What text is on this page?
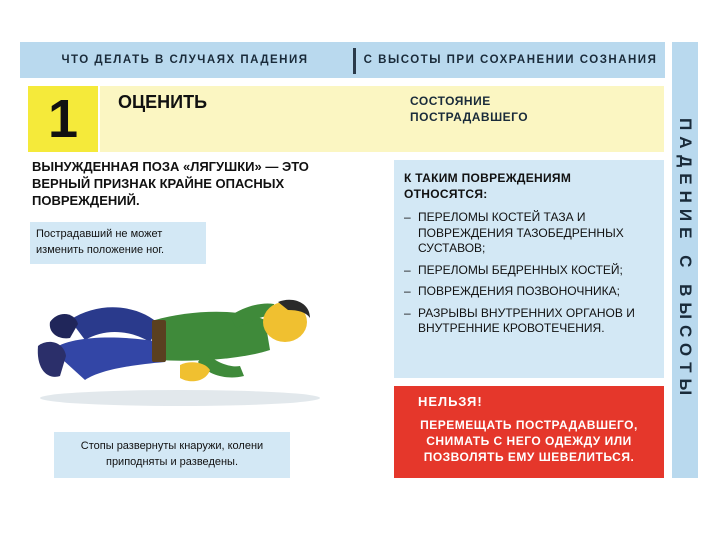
ЧТО ДЕЛАТЬ В СЛУЧАЯХ ПАДЕНИЯ	С ВЫСОТЫ ПРИ СОХРАНЕНИИ СОЗНАНИЯ
ПАДЕНИЕ С ВЫСОТЫ
1	ОЦЕНИТЬ	СОСТОЯНИЕ ПОСТРАДАВШЕГО
ВЫНУЖДЕННАЯ ПОЗА «ЛЯГУШКИ» — ЭТО ВЕРНЫЙ ПРИЗНАК КРАЙНЕ ОПАСНЫХ ПОВРЕЖДЕНИЙ.
Пострадавший не может изменить положение ног.
Стопы развернуты кнаружи, колени приподняты и разведены.
К ТАКИМ ПОВРЕЖДЕНИЯМ ОТНОСЯТСЯ:
– ПЕРЕЛОМЫ КОСТЕЙ ТАЗА И ПОВРЕЖДЕНИЯ ТАЗОБЕДРЕННЫХ СУСТАВОВ;
– ПЕРЕЛОМЫ БЕДРЕННЫХ КОСТЕЙ;
– ПОВРЕЖДЕНИЯ ПОЗВОНОЧНИКА;
– РАЗРЫВЫ ВНУТРЕННИХ ОРГАНОВ И ВНУТРЕННИЕ КРОВОТЕЧЕНИЯ.
НЕЛЬЗЯ!
ПЕРЕМЕЩАТЬ ПОСТРАДАВШЕГО, СНИМАТЬ С НЕГО ОДЕЖДУ ИЛИ ПОЗВОЛЯТЬ ЕМУ ШЕВЕЛИТЬСЯ.
